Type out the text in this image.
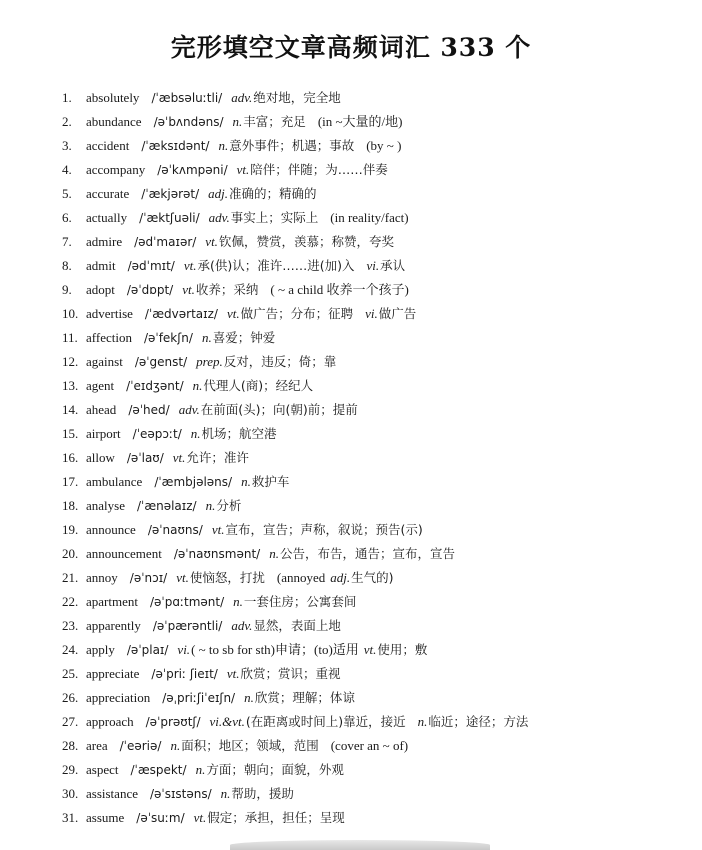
完形填空文章高频词汇 333 个
1. absolutely /ˈæbsəluːtli/ adv.绝对地，完全地
2. abundance /əˈbʌndəns/ n.丰富；充足 (in ~大量的/地)
3. accident /ˈæksɪdənt/ n.意外事件；机遇；事故 (by ~ )
4. accompany /əˈkʌmpəni/ vt.陪伴；伴随；为……伴奏
5. accurate /ˈækjərət/ adj.准确的；精确的
6. actually /ˈæktʃuəli/ adv.事实上；实际上 (in reality/fact)
7. admire /ədˈmaɪər/ vt.钦佩，赞赏，羡慕；称赞，夸奖
8. admit /ədˈmɪt/ vt.承(供)认；准许……进(加)入 vi.承认
9. adopt /əˈdɒpt/ vt.收养；采纳 ( ~ a child 收养一个孩子)
10. advertise /ˈædvərtaɪz/ vt.做广告；分布；征聘 vi.做广告
11. affection /əˈfekʃn/ n.喜爱；钟爱
12. against /əˈgenst/ prep.反对，违反；倚；靠
13. agent /ˈeɪdʒənt/ n.代理人(商)；经纪人
14. ahead /əˈhed/ adv.在前面(头)；向(朝)前；提前
15. airport /ˈeəpɔːt/ n.机场；航空港
16. allow /əˈlaʊ/ vt.允许；准许
17. ambulance /ˈæmbjələns/ n.救护车
18. analyse /ˈænəlaɪz/ n.分析
19. announce /əˈnaʊns/ vt.宣布，宣告；声称，叙说；预告(示)
20. announcement /əˈnaʊnsmənt/ n.公告，布告，通告；宣布，宣告
21. annoy /əˈnɔɪ/ vt.使恼怒，打扰 (annoyed adj.生气的)
22. apartment /əˈpɑːtmənt/ n.一套住房；公寓套间
23. apparently /əˈpærəntli/ adv.显然，表面上地
24. apply /əˈplaɪ/ vi.( ~ to sb for sth)申请；(to)适用 vt.使用；敷
25. appreciate /əˈpriː ʃieɪt/ vt.欣赏；赏识；重视
26. appreciation /əˌpriːʃiˈeɪʃn/ n.欣赏；理解；体谅
27. approach /əˈprəʊtʃ/ vi.&vt.(在距离或时间上)靠近，接近 n.临近；途径；方法
28. area /ˈeəriə/ n.面积；地区；领域，范围 (cover an ~ of)
29. aspect /ˈæspekt/ n.方面；朝向；面貌，外观
30. assistance /əˈsɪstəns/ n.帮助，援助
31. assume /əˈsuːm/ vt.假定；承担，担任；呈现
